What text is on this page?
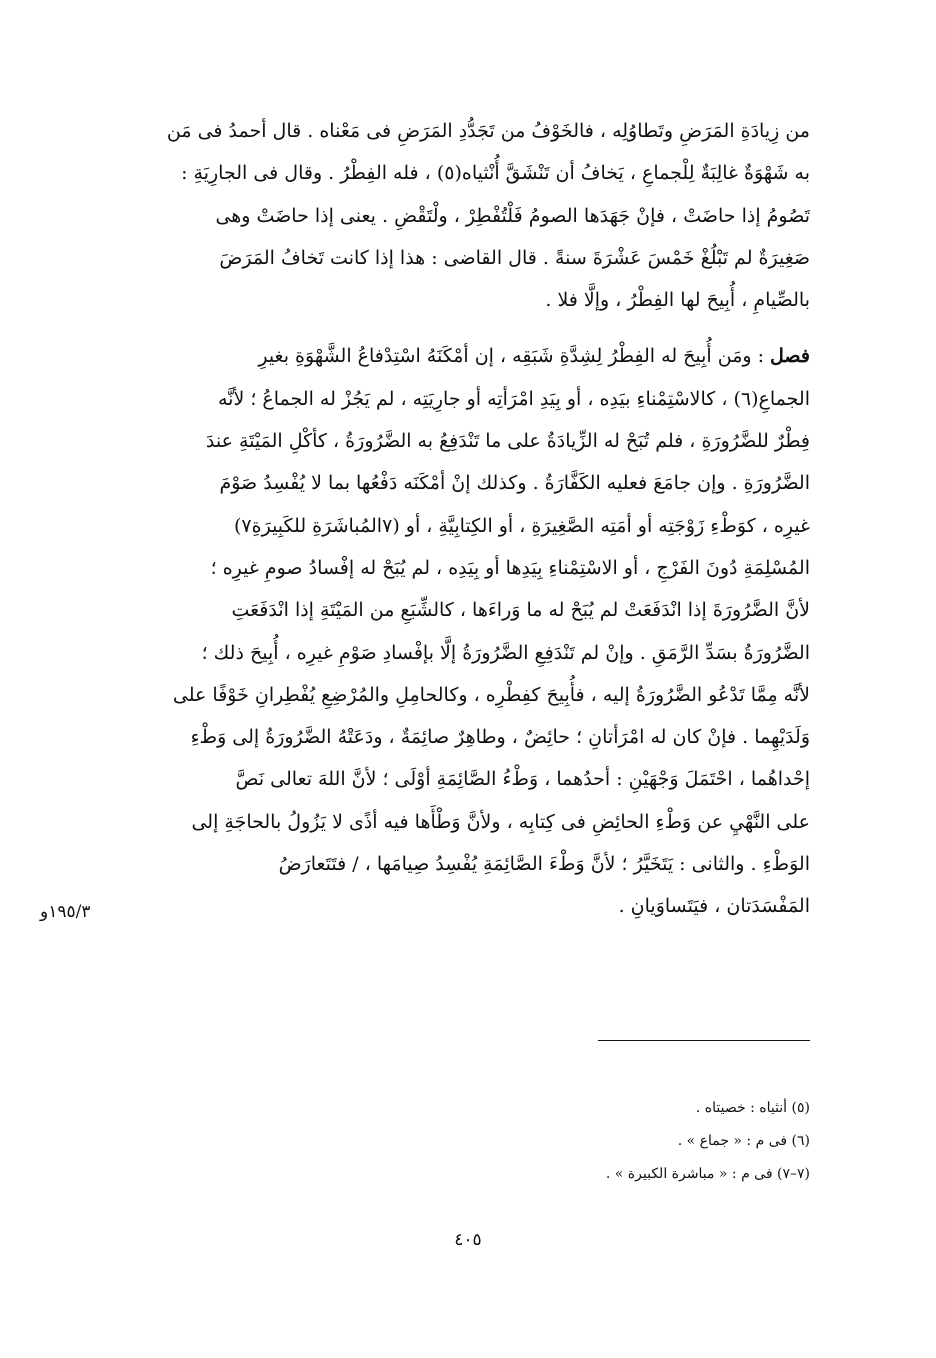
من زِيادَةِ المَرَضِ وتَطاوُلِه ، فالخَوْفُ من تَجَدُّدِ المَرَضِ فى مَعْناه . قال أحمدُ فى مَن
به شَهْوَةٌ غالِبَةٌ لِلْجماعِ ، يَخافُ أن تَنْشَقَّ أُنْثياه(٥) ، فله الفِطْرُ . وقال فى الجارِيَةِ :
تَصُومُ إذا حاضَتْ ، فإنْ جَهَدَها الصومُ فَلْتُفْطِرْ ، ولْتَقْضِ . يعنى إذا حاضَتْ وهى
صَغِيرَةٌ لم تَبْلُغْ خَمْسَ عَشْرَةَ سنةً . قال القاضى : هذا إذا كانت تَخافُ المَرَضَ
بالصِّيامِ ، أُبِيحَ لها الفِطْرُ ، وإلَّا فلا .

فصل : ومَن أُبِيحَ له الفِطْرُ لِشِدَّةِ شَبَقِه ، إن أمْكَنَهُ اسْتِدْفاعُ الشَّهْوَةِ بغيرِ
الجماعِ(٦) ، كالاسْتِمْناءِ بيَدِه ، أو بِيَدِ امْرَأتِه أو جارِيَتِه ، لم يَجُزْ له الجماعُ ؛ لأنَّه
فِطْرٌ للضَّرُورَةِ ، فلم تُبَحْ له الزِّيادَةُ على ما تَنْدَفِعُ به الضَّرُورَةُ ، كأكْلِ المَيْتَةِ عندَ
الضَّرُورَةِ . وإن جامَعَ فعليه الكَفَّارَةُ . وكذلك إنْ أمْكَنَه دَفْعُها بما لا يُفْسِدُ صَوْمَ
غيرِه ، كوَطْءِ زَوْجَتِه أو أمَتِه الصَّغِيرَةِ ، أو الكِتابِيَّةِ ، أو (٧المُباشَرَةِ للكَبِيرَةِ٧)
المُسْلِمَةِ دُونَ الفَرْجِ ، أو الاسْتِمْناءِ بِيَدِها أو بِيَدِه ، لم يُبَحْ له إفْسادُ صومِ غيرِه ؛
لأنَّ الضَّرُورَةَ إذا انْدَفَعَتْ لم يُبَحْ له ما وَراءَها ، كالشِّبَعِ من المَيْتَةِ إذا انْدَفَعَتِ
الضَّرُورَةُ بسَدِّ الرَّمَقِ . وإنْ لم تَنْدَفِعِ الضَّرُورَةُ إلَّا بإفْسادِ صَوْمِ غيرِه ، أُبِيحَ ذلك ؛
لأنَّه مِمَّا تَدْعُو الضَّرُورَةُ إليه ، فأُبِيحَ كفِطْرِه ، وكالحامِلِ والمُرْضِعِ يُفْطِرانِ خَوْفًا على
وَلَدَيْهِما . فإنْ كان له امْرَأتانِ ؛ حائِضٌ ، وطاهِرٌ صائِمَةٌ ، ودَعَتْهُ الضَّرُورَةُ إلى وَطْءِ
إحْداهُما ، احْتَمَلَ وَجْهَيْنِ : أحدُهما ، وَطْءُ الصَّائِمَةِ أوْلَى ؛ لأنَّ اللهَ تعالى نَصَّ
على النَّهْيِ عن وَطْءِ الحائِضِ فى كِتابِه ، ولأنَّ وَطْأَها فيه أذًى لا يَزُولُ بالحاجَةِ إلى
الوَطْءِ . والثانى : يَتَخَيَّرُ ؛ لأنَّ وَطْءَ الصَّائِمَةِ يُفْسِدُ صِيامَها ، / فتَتَعارَضُ
المَفْسَدَتان ، فيَتَساوَيانِ .

١٩٥/٣و
(٥) أنثياه : خصيتاه .
(٦) فى م : « جماع » .
(٧–٧) فى م : « مباشرة الكبيرة » .
٤٠٥
